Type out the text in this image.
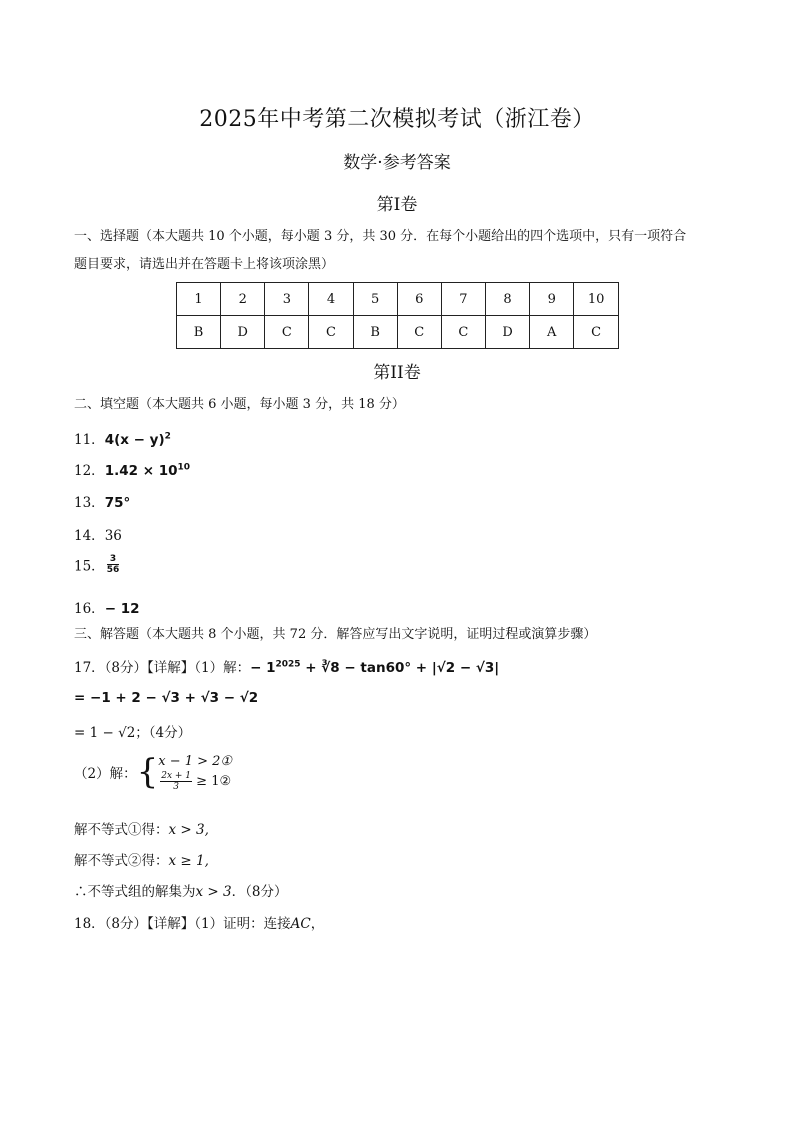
2025年中考第二次模拟考试（浙江卷）
数学·参考答案
第Ⅰ卷
一、选择题（本大题共 10 个小题，每小题 3 分，共 30 分．在每个小题给出的四个选项中，只有一项符合
题目要求，请选出并在答题卡上将该项涂黑）
1	2	3	4	5	6	7	8	9	10
B	D	C	C	B	C	C	D	A	C
第II卷
二、填空题（本大题共 6 小题，每小题 3 分，共 18 分）
11．$4(x - y)^2$
12．$1.42 \times 10^{10}$
13．75°
14．36
15． $\frac{3}{56}$
16．− 12
三、解答题（本大题共 8 个小题，共 72 分．解答应写出文字说明，证明过程或演算步骤）
17．（8分）【详解】（1）解：− $1^{2025}$ + ∛8 − tan60° + |√2 − √3|
= −1 + 2 − √3 + √3 − √2
= 1 − √2；（4分）
（2）解：{ x − 1 > 2①
$\frac{2x + 1}{3}$ ≥ 1②
解不等式①得：x > 3,
解不等式②得：x ≥ 1,
∴不等式组的解集为x > 3．（8分）
18．（8分）【详解】（1）证明：连接AC，
